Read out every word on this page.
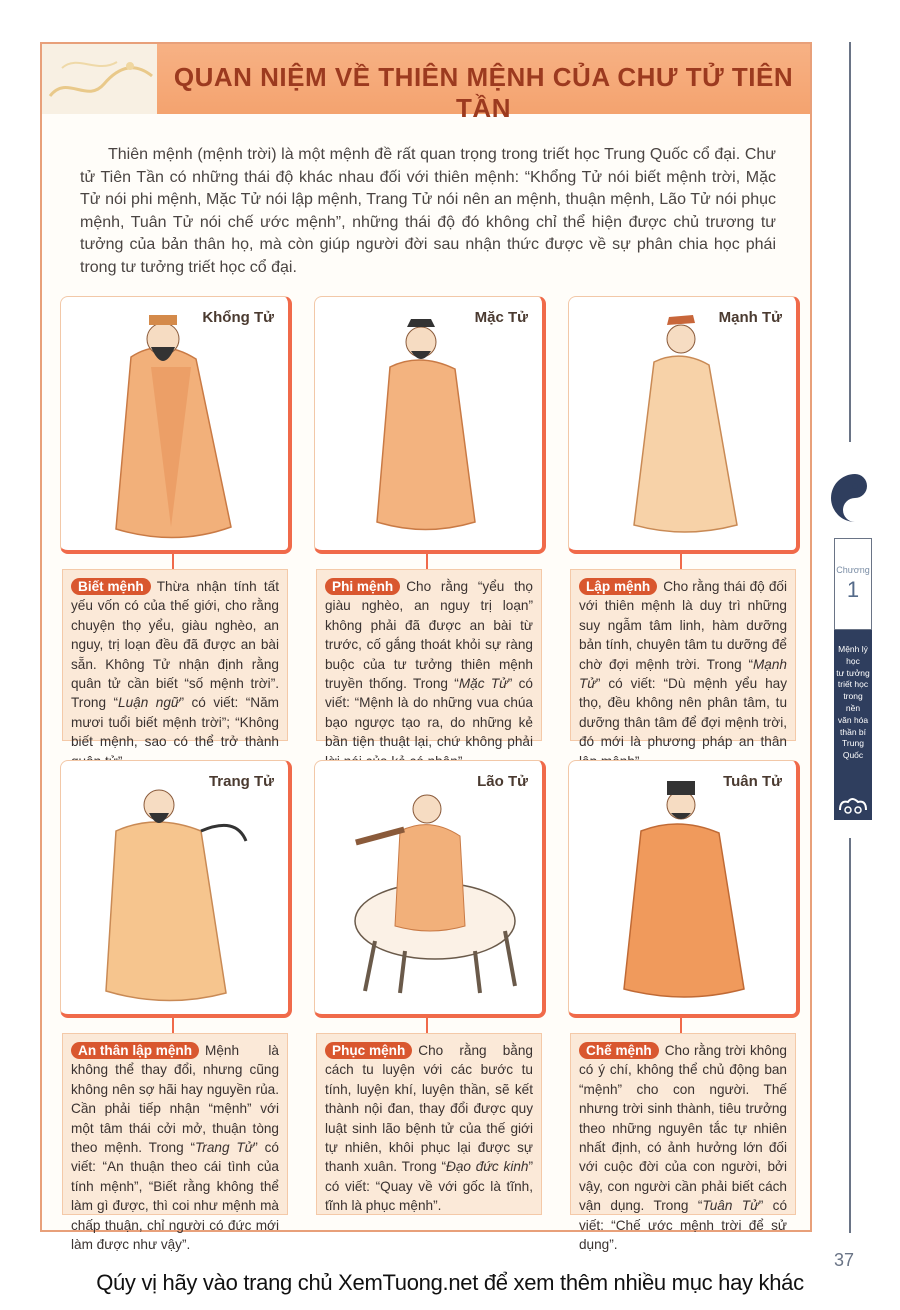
QUAN NIỆM VỀ THIÊN MỆNH CỦA CHƯ TỬ TIÊN TẦN

Thiên mệnh (mệnh trời) là một mệnh đề rất quan trọng trong triết học Trung Quốc cổ đại. Chư tử Tiên Tần có những thái độ khác nhau đối với thiên mệnh: “Khổng Tử nói biết mệnh trời, Mặc Tử nói phi mệnh, Mặc Tử nói lập mệnh, Trang Tử nói nên an mệnh, thuận mệnh, Lão Tử nói phục mệnh, Tuân Tử nói chế ước mệnh”, những thái độ đó không chỉ thể hiện được chủ trương tư tưởng của bản thân họ, mà còn giúp người đời sau nhận thức được về sự phân chia học phái trong tư tưởng triết học cổ đại.

Khổng Tử	Mặc Tử	Mạnh Tử
Biết mệnh Thừa nhận tính tất yếu vốn có của thế giới, cho rằng chuyện thọ yểu, giàu nghèo, an nguy, trị loạn đều đã được an bài sẵn. Không Tử nhận định rằng quân tử cần biết “số mệnh trời”. Trong “Luận ngữ” có viết: “Năm mươi tuổi biết mệnh trời”; “Không biết mệnh, sao có thể trở thành
Phi mệnh Cho rằng “yểu thọ giàu nghèo, an nguy trị loạn” không phải đã được an bài từ trước, cố gắng thoát khỏi sự ràng buộc của tư tưởng thiên mệnh truyền thống. Trong “Mặc Tử” có viết: “Mệnh là do những vua chúa bạo ngược tạo ra, do những kẻ bần tiện thuật lại, chứ không phải
Lập mệnh Cho rằng thái độ đối với thiên mệnh là duy trì những suy ngẫm tâm linh, hàm dưỡng bản tính, chuyên tâm tu dưỡng để chờ đợi mệnh trời. Trong “Mạnh Tử” có viết: “Dù mệnh yểu hay thọ, đều không nên phân tâm, tu dưỡng thân tâm để đợi mệnh trời, đó mới là phương pháp an thân
Trang Tử	Lão Tử	Tuân Tử
An thân lập mệnh Mệnh là không thể thay đổi, nhưng cũng không nên sợ hãi hay nguyền rủa. Cần phải tiếp nhận “mệnh” với một tâm thái cởi mở, thuận tòng theo mệnh. Trong “Trang Tử” có viết: “An thuận theo cái tình của tính mệnh”, “Biết rằng không thể làm gì được, thì coi như mệnh mà chấp thuận, chỉ người có đức mới làm được như vậy”.
Phục mệnh Cho rằng bằng cách tu luyện với các bước tu tính, luyện khí, luyện thần, sẽ kết thành nội đan, thay đổi được quy luật sinh lão bệnh tử của thế giới tự nhiên, khôi phục lại được sự thanh xuân. Trong “Đạo đức kinh” có viết: “Quay về với gốc là tĩnh, tĩnh là phục mệnh”.
Chế mệnh Cho rằng trời không có ý chí, không thể chủ động ban “mệnh” cho con người. Thế nhưng trời sinh thành, tiêu trưởng theo những nguyên tắc tự nhiên nhất định, có ảnh hưởng lớn đối với cuộc đời của con người, bởi vậy, con người cần phải biết cách vận dụng. Trong “Tuân Tử” có viết: “Chế ước mệnh trời để sử dụng”.
Chương
1
Mệnh lý
học
tư tưởng
triết học
trong
nền
văn hóa
thần bí
Trung Quốc
37
Qúy vị hãy vào trang chủ XemTuong.net để xem thêm nhiều mục hay khác
